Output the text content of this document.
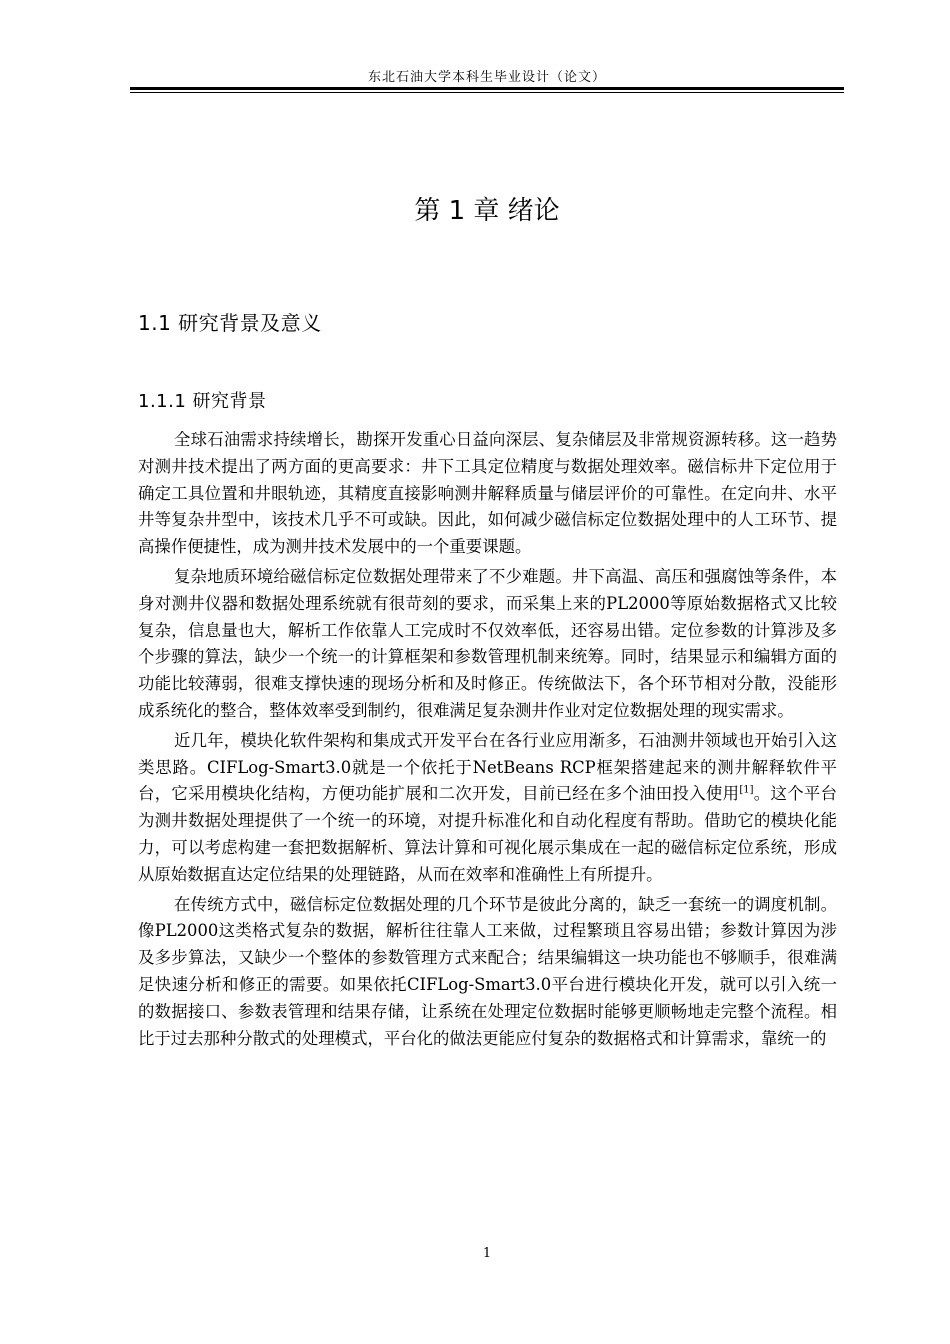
东北石油大学本科生毕业设计（论文）
第 1 章 绪论
1.1 研究背景及意义
1.1.1 研究背景

全球石油需求持续增长，勘探开发重心日益向深层、复杂储层及非常规资源转移。这一趋势对测井技术提出了两方面的更高要求：井下工具定位精度与数据处理效率。磁信标井下定位用于确定工具位置和井眼轨迹，其精度直接影响测井解释质量与储层评价的可靠性。在定向井、水平井等复杂井型中，该技术几乎不可或缺。因此，如何减少磁信标定位数据处理中的人工环节、提高操作便捷性，成为测井技术发展中的一个重要课题。

复杂地质环境给磁信标定位数据处理带来了不少难题。井下高温、高压和强腐蚀等条件，本身对测井仪器和数据处理系统就有很苛刻的要求，而采集上来的PL2000等原始数据格式又比较复杂，信息量也大，解析工作依靠人工完成时不仅效率低，还容易出错。定位参数的计算涉及多个步骤的算法，缺少一个统一的计算框架和参数管理机制来统筹。同时，结果显示和编辑方面的功能比较薄弱，很难支撑快速的现场分析和及时修正。传统做法下，各个环节相对分散，没能形成系统化的整合，整体效率受到制约，很难满足复杂测井作业对定位数据处理的现实需求。

近几年，模块化软件架构和集成式开发平台在各行业应用渐多，石油测井领域也开始引入这类思路。CIFLog-Smart3.0就是一个依托于NetBeans RCP框架搭建起来的测井解释软件平台，它采用模块化结构，方便功能扩展和二次开发，目前已经在多个油田投入使用[1]。这个平台为测井数据处理提供了一个统一的环境，对提升标准化和自动化程度有帮助。借助它的模块化能力，可以考虑构建一套把数据解析、算法计算和可视化展示集成在一起的磁信标定位系统，形成从原始数据直达定位结果的处理链路，从而在效率和准确性上有所提升。

在传统方式中，磁信标定位数据处理的几个环节是彼此分离的，缺乏一套统一的调度机制。像PL2000这类格式复杂的数据，解析往往靠人工来做，过程繁琐且容易出错；参数计算因为涉及多步算法，又缺少一个整体的参数管理方式来配合；结果编辑这一块功能也不够顺手，很难满足快速分析和修正的需要。如果依托CIFLog-Smart3.0平台进行模块化开发，就可以引入统一的数据接口、参数表管理和结果存储，让系统在处理定位数据时能够更顺畅地走完整个流程。相比于过去那种分散式的处理模式，平台化的做法更能应付复杂的数据格式和计算需求，靠统一的

1
